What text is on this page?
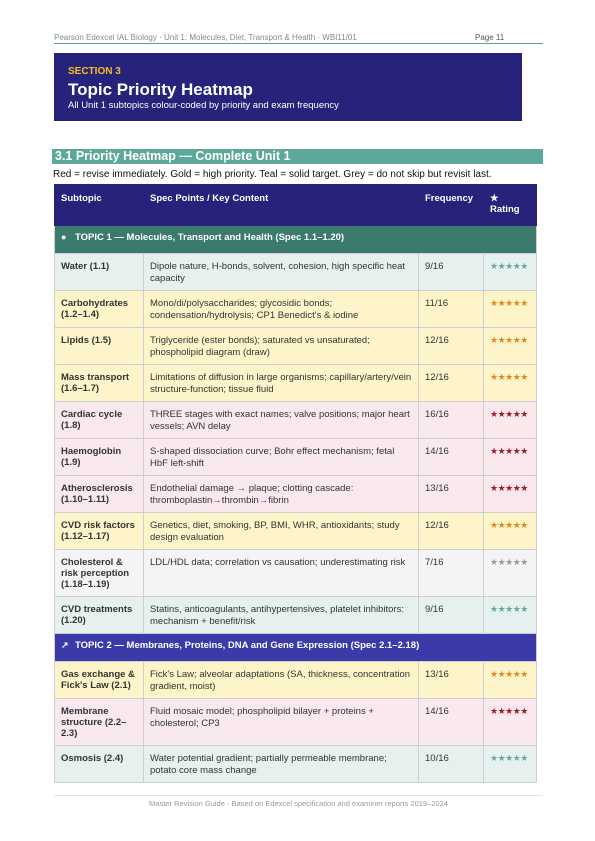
Pearson Edexcel IAL Biology · Unit 1: Molecules, Diet, Transport & Health · WBI11/01	Page 11
SECTION 3
Topic Priority Heatmap
All Unit 1 subtopics colour-coded by priority and exam frequency
3.1 Priority Heatmap — Complete Unit 1
Red = revise immediately. Gold = high priority. Teal = solid target. Grey = do not skip but revisit last.
Subtopic	Spec Points / Key Content	Frequency	★
Rating
● TOPIC 1 — Molecules, Transport and Health (Spec 1.1–1.20)			
Water (1.1)	Dipole nature, H-bonds, solvent, cohesion, high specific heat capacity	9/16	★★★★★
Carbohydrates (1.2–1.4)	Mono/di/polysaccharides; glycosidic bonds; condensation/hydrolysis; CP1 Benedict's & iodine	11/16	★★★★★
Lipids (1.5)	Triglyceride (ester bonds); saturated vs unsaturated; phospholipid diagram (draw)	12/16	★★★★★
Mass transport (1.6–1.7)	Limitations of diffusion in large organisms; capillary/artery/vein structure-function; tissue fluid	12/16	★★★★★
Cardiac cycle (1.8)	THREE stages with exact names; valve positions; major heart vessels; AVN delay	16/16	★★★★★
Haemoglobin (1.9)	S-shaped dissociation curve; Bohr effect mechanism; fetal HbF left-shift	14/16	★★★★★
Atherosclerosis (1.10–1.11)	Endothelial damage → plaque; clotting cascade: thromboplastin→thrombin→fibrin	13/16	★★★★★
CVD risk factors (1.12–1.17)	Genetics, diet, smoking, BP, BMI, WHR, antioxidants; study design evaluation	12/16	★★★★★
Cholesterol & risk perception (1.18–1.19)	LDL/HDL data; correlation vs causation; underestimating risk	7/16	★★★★★
CVD treatments (1.20)	Statins, anticoagulants, antihypertensives, platelet inhibitors: mechanism + benefit/risk	9/16	★★★★★
↗ TOPIC 2 — Membranes, Proteins, DNA and Gene Expression (Spec 2.1–2.18)			
Gas exchange & Fick's Law (2.1)	Fick's Law; alveolar adaptations (SA, thickness, concentration gradient, moist)	13/16	★★★★★
Membrane structure (2.2–2.3)	Fluid mosaic model; phospholipid bilayer + proteins + cholesterol; CP3	14/16	★★★★★
Osmosis (2.4)	Water potential gradient; partially permeable membrane; potato core mass change	10/16	★★★★★
Master Revision Guide · Based on Edexcel specification and examiner reports 2019–2024
